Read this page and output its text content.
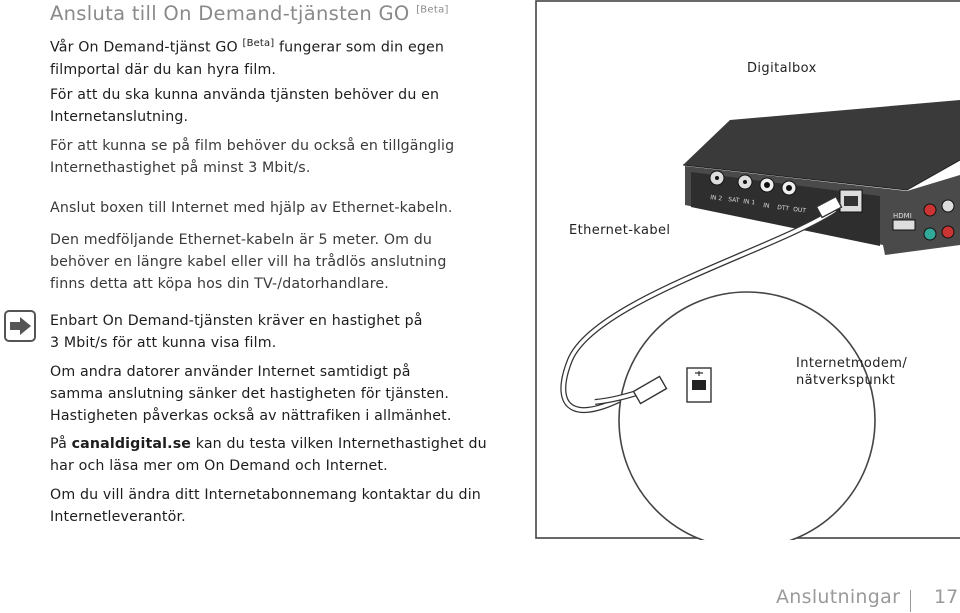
Ansluta till On Demand-tjänsten GO [Beta]

Vår On Demand-tjänst GO [Beta] fungerar som din egen
filmportal där du kan hyra film.

För att du ska kunna använda tjänsten behöver du en
Internetanslutning.

För att kunna se på film behöver du också en tillgänglig
Internethastighet på minst 3 Mbit/s.

Anslut boxen till Internet med hjälp av Ethernet-kabeln.

Den medföljande Ethernet-kabeln är 5 meter. Om du
behöver en längre kabel eller vill ha trådlös anslutning
finns detta att köpa hos din TV-/datorhandlare.

Enbart On Demand-tjänsten kräver en hastighet på
3 Mbit/s för att kunna visa film.

Om andra datorer använder Internet samtidigt på
samma anslutning sänker det hastigheten för tjänsten.
Hastigheten påverkas också av nättrafiken i allmänhet.

På canaldigital.se kan du testa vilken Internethastighet du
har och läsa mer om On Demand och Internet.

Om du vill ändra ditt Internetabonnemang kontaktar du din
Internetleverantör.

IN 2 SAT IN 1 IN DTT OUT
HDMI
Digitalbox
Ethernet-kabel
Internetmodem/
nätverkspunkt
Anslutningar 17
